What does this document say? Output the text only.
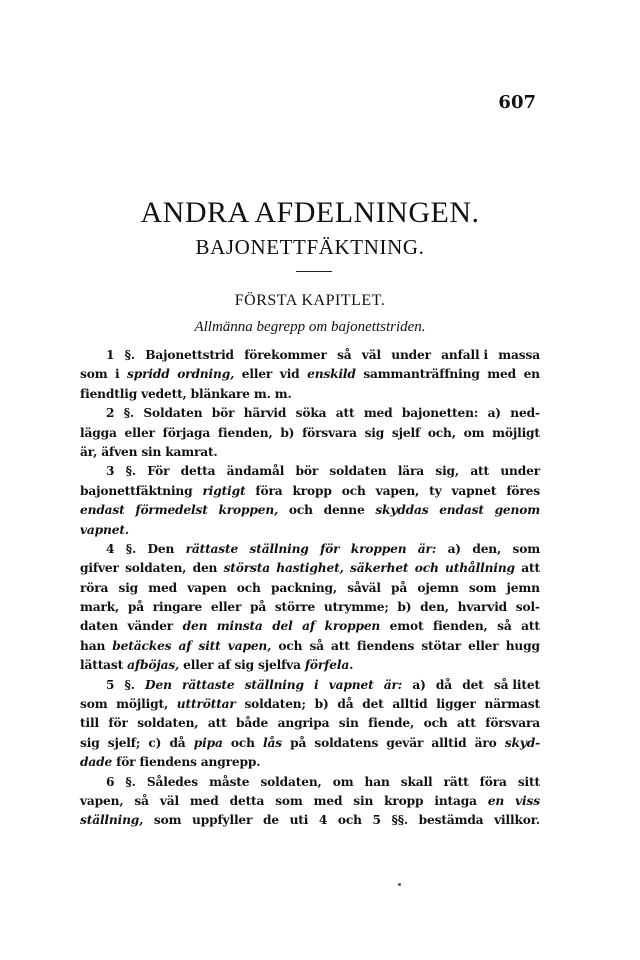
607
ANDRA AFDELNINGEN.
BAJONETTFÄKTNING.
FÖRSTA KAPITLET.
Allmänna begrepp om bajonettstriden.
1 §. Bajonettstrid förekommer så väl under anfall i massa
som i spridd ordning, eller vid enskild sammanträffning med en
fiendtlig vedett, blänkare m. m.
2 §. Soldaten bör härvid söka att med bajonetten: a) ned-
lägga eller förjaga fienden, b) försvara sig sjelf och, om möjligt
är, äfven sin kamrat.
3 §. För detta ändamål bör soldaten lära sig, att under
bajonettfäktning rigtigt föra kropp och vapen, ty vapnet föres
endast förmedelst kroppen, och denne skyddas endast genom
vapnet.
4 §. Den rättaste ställning för kroppen är: a) den, som
gifver soldaten, den största hastighet, säkerhet och uthållning att
röra sig med vapen och packning, såväl på ojemn som jemn
mark, på ringare eller på större utrymme; b) den, hvarvid sol-
daten vänder den minsta del af kroppen emot fienden, så att
han betäckes af sitt vapen, och så att fiendens stötar eller hugg
lättast afböjas, eller af sig sjelfva förfela.
5 §. Den rättaste ställning i vapnet är: a) då det så litet
som möjligt, uttröttar soldaten; b) då det alltid ligger närmast
till för soldaten, att både angripa sin fiende, och att försvara
sig sjelf; c) då pipa och lås på soldatens gevär alltid äro skyd-
dade för fiendens angrepp.
6 §. Således måste soldaten, om han skall rätt föra sitt
vapen, så väl med detta som med sin kropp intaga en viss
ställning, som uppfyller de uti 4 och 5 §§. bestämda villkor.
